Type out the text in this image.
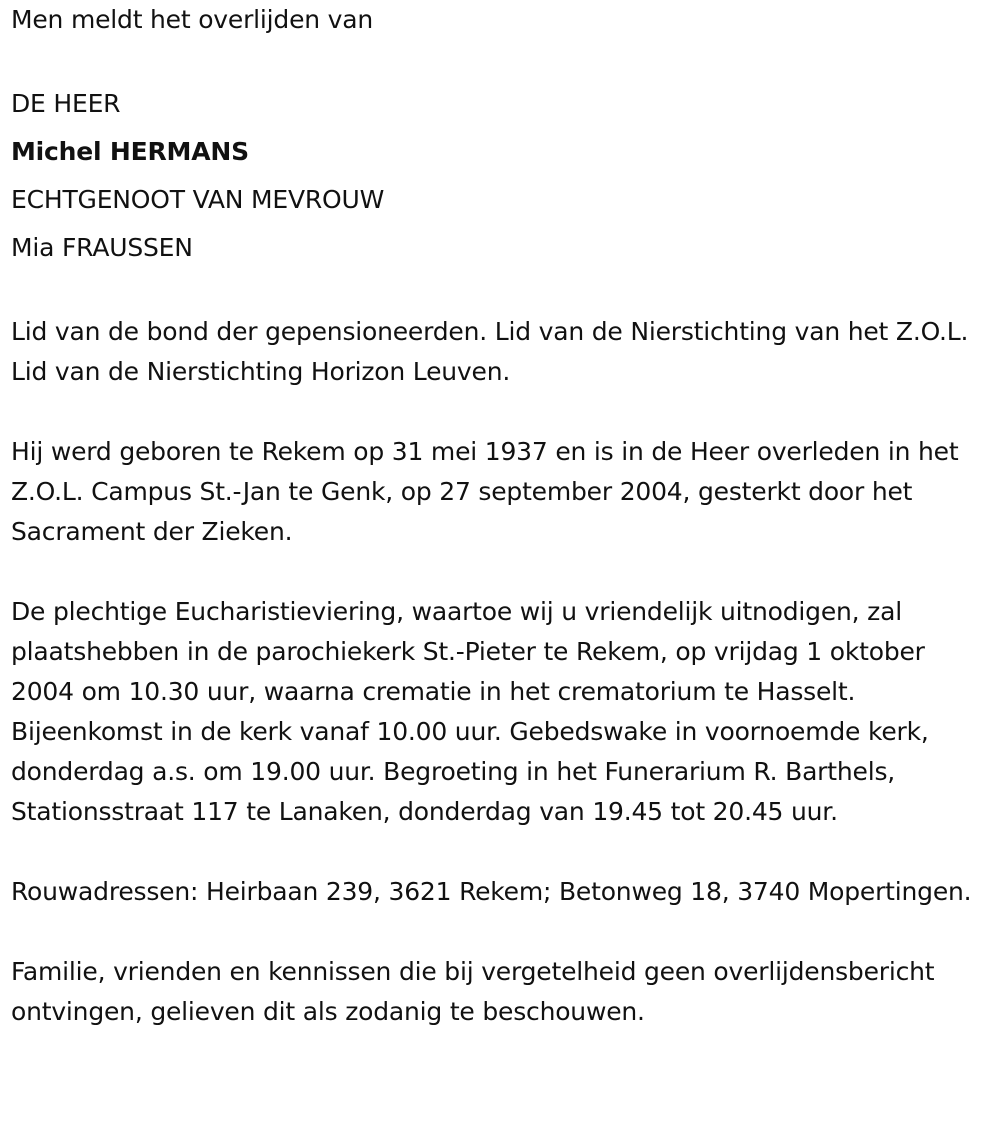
Men meldt het overlijden van

DE HEER

Michel HERMANS

ECHTGENOOT VAN MEVROUW

Mia FRAUSSEN

Lid van de bond der gepensioneerden. Lid van de Nierstichting van het Z.O.L. Lid van de Nierstichting Horizon Leuven.

Hij werd geboren te Rekem op 31 mei 1937 en is in de Heer overleden in het Z.O.L. Campus St.-Jan te Genk, op 27 september 2004, gesterkt door het Sacrament der Zieken.

De plechtige Eucharistieviering, waartoe wij u vriendelijk uitnodigen, zal plaatshebben in de parochiekerk St.-Pieter te Rekem, op vrijdag 1 oktober 2004 om 10.30 uur, waarna crematie in het crematorium te Hasselt. Bijeenkomst in de kerk vanaf 10.00 uur. Gebedswake in voornoemde kerk, donderdag a.s. om 19.00 uur. Begroeting in het Funerarium R. Barthels, Stationsstraat 117 te Lanaken, donderdag van 19.45 tot 20.45 uur.

Rouwadressen: Heirbaan 239, 3621 Rekem; Betonweg 18, 3740 Mopertingen.

Familie, vrienden en kennissen die bij vergetelheid geen overlijdensbericht ontvingen, gelieven dit als zodanig te beschouwen.
